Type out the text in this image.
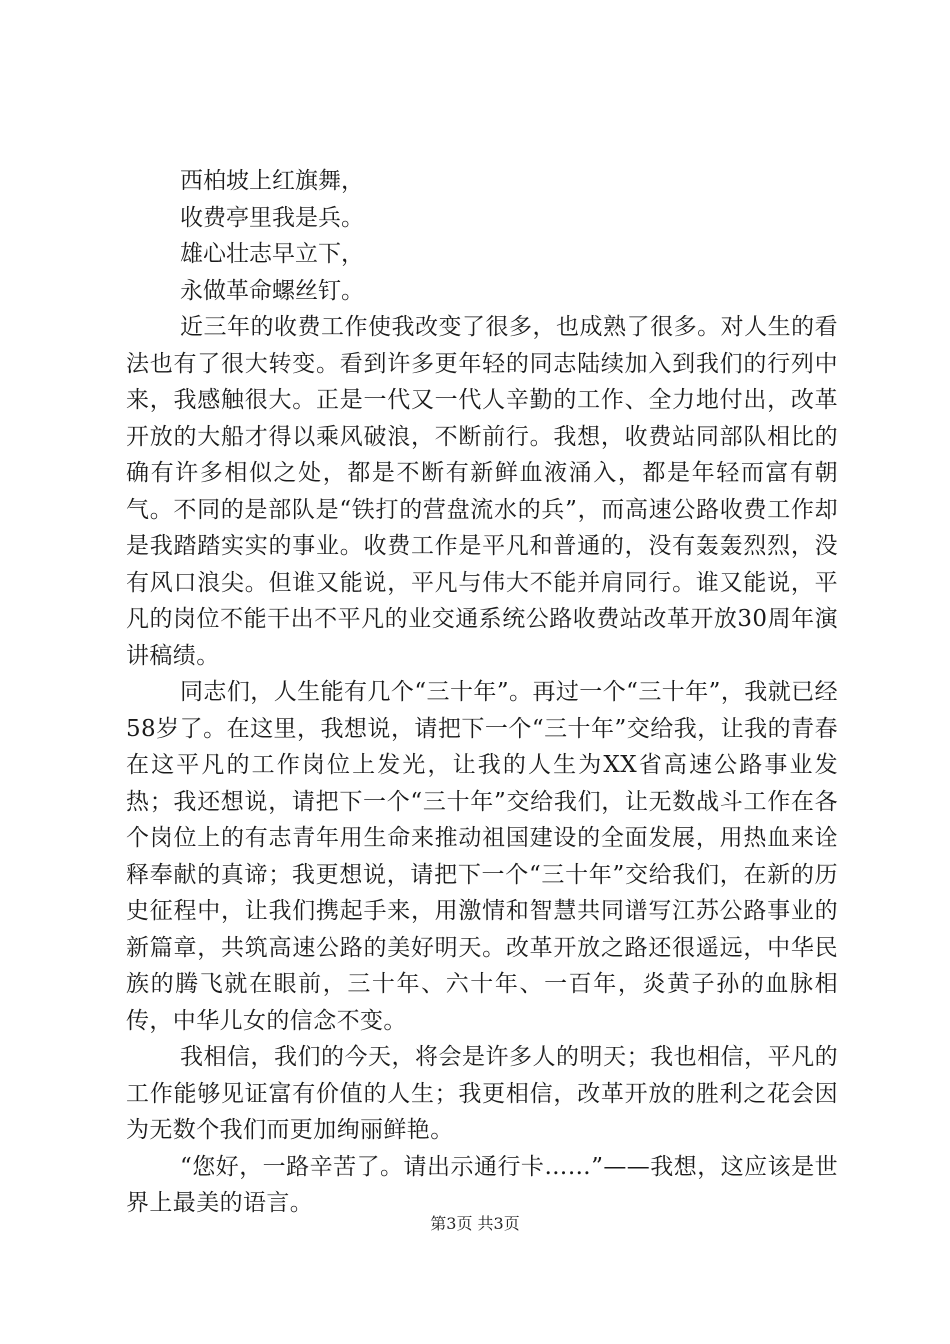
西柏坡上红旗舞，
收费亭里我是兵。
雄心壮志早立下，
永做革命螺丝钉。

近三年的收费工作使我改变了很多，也成熟了很多。对人生的看法也有了很大转变。看到许多更年轻的同志陆续加入到我们的行列中来，我感触很大。正是一代又一代人辛勤的工作、全力地付出，改革开放的大船才得以乘风破浪，不断前行。我想，收费站同部队相比的确有许多相似之处，都是不断有新鲜血液涌入，都是年轻而富有朝气。不同的是部队是“铁打的营盘流水的兵”，而高速公路收费工作却是我踏踏实实的事业。收费工作是平凡和普通的，没有轰轰烈烈，没有风口浪尖。但谁又能说，平凡与伟大不能并肩同行。谁又能说，平凡的岗位不能干出不平凡的业交通系统公路收费站改革开放30周年演讲稿绩。

同志们，人生能有几个“三十年”。再过一个“三十年”，我就已经58岁了。在这里，我想说，请把下一个“三十年”交给我，让我的青春在这平凡的工作岗位上发光，让我的人生为XX省高速公路事业发热；我还想说，请把下一个“三十年”交给我们，让无数战斗工作在各个岗位上的有志青年用生命来推动祖国建设的全面发展，用热血来诠释奉献的真谛；我更想说，请把下一个“三十年”交给我们，在新的历史征程中，让我们携起手来，用激情和智慧共同谱写江苏公路事业的新篇章，共筑高速公路的美好明天。改革开放之路还很遥远，中华民族的腾飞就在眼前，三十年、六十年、一百年，炎黄子孙的血脉相传，中华儿女的信念不变。

我相信，我们的今天，将会是许多人的明天；我也相信，平凡的工作能够见证富有价值的人生；我更相信，改革开放的胜利之花会因为无数个我们而更加绚丽鲜艳。

“您好，一路辛苦了。请出示通行卡……”——我想，这应该是世界上最美的语言。

第3页 共3页
